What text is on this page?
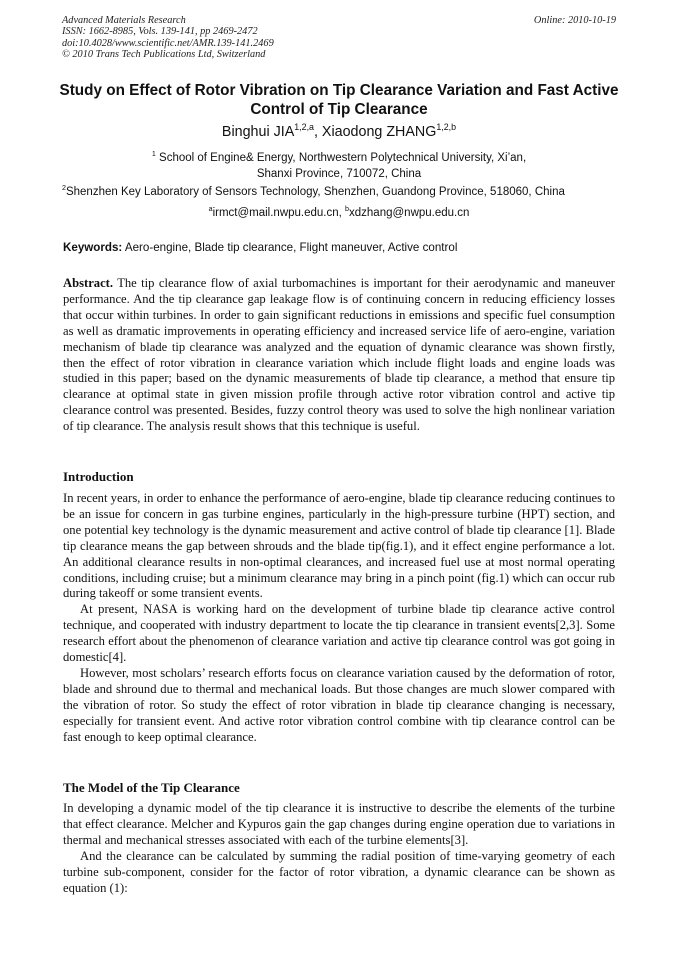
Advanced Materials Research
ISSN: 1662-8985, Vols. 139-141, pp 2469-2472
doi:10.4028/www.scientific.net/AMR.139-141.2469
© 2010 Trans Tech Publications Ltd, Switzerland
Online: 2010-10-19
Study on Effect of Rotor Vibration on Tip Clearance Variation and Fast Active Control of Tip Clearance
Binghui JIA$^{1,2,a}$, Xiaodong ZHANG$^{1,2,b}$
$^1$ School of Engine& Energy, Northwestern Polytechnical University, Xi’an,
Shanxi Province, 710072, China
$^2$Shenzhen Key Laboratory of Sensors Technology, Shenzhen, Guandong Province, 518060, China
$^a$irmct@mail.nwpu.edu.cn, $^b$xdzhang@nwpu.edu.cn
Keywords: Aero-engine, Blade tip clearance, Flight maneuver, Active control
Abstract. The tip clearance flow of axial turbomachines is important for their aerodynamic and maneuver performance. And the tip clearance gap leakage flow is of continuing concern in reducing efficiency losses that occur within turbines. In order to gain significant reductions in emissions and specific fuel consumption as well as dramatic improvements in operating efficiency and increased service life of aero-engine, variation mechanism of blade tip clearance was analyzed and the equation of dynamic clearance was shown firstly, then the effect of rotor vibration in clearance variation which include flight loads and engine loads was studied in this paper; based on the dynamic measurements of blade tip clearance, a method that ensure tip clearance at optimal state in given mission profile through active rotor vibration control and active tip clearance control was presented. Besides, fuzzy control theory was used to solve the high nonlinear variation of tip clearance. The analysis result shows that this technique is useful.
Introduction

In recent years, in order to enhance the performance of aero-engine, blade tip clearance reducing continues to be an issue for concern in gas turbine engines, particularly in the high-pressure turbine (HPT) section, and one potential key technology is the dynamic measurement and active control of blade tip clearance [1]. Blade tip clearance means the gap between shrouds and the blade tip(fig.1), and it effect engine performance a lot. An additional clearance results in non-optimal clearances, and increased fuel use at most normal operating conditions, including cruise; but a minimum clearance may bring in a pinch point (fig.1) which can occur rub during takeoff or some transient events.

At present, NASA is working hard on the development of turbine blade tip clearance active control technique, and cooperated with industry department to locate the tip clearance in transient events[2,3]. Some research effort about the phenomenon of clearance variation and active tip clearance control was got going in domestic[4].

However, most scholars’ research efforts focus on clearance variation caused by the deformation of rotor, blade and shround due to thermal and mechanical loads. But those changes are much slower compared with the vibration of rotor. So study the effect of rotor vibration in blade tip clearance changing is necessary, especially for transient event. And active rotor vibration control combine with tip clearance control can be fast enough to keep optimal clearance.

The Model of the Tip Clearance

In developing a dynamic model of the tip clearance it is instructive to describe the elements of the turbine that effect clearance. Melcher and Kypuros gain the gap changes during engine operation due to variations in thermal and mechanical stresses associated with each of the turbine elements[3].

And the clearance can be calculated by summing the radial position of time-varying geometry of each turbine sub-component, consider for the factor of rotor vibration, a dynamic clearance can be shown as equation (1):
